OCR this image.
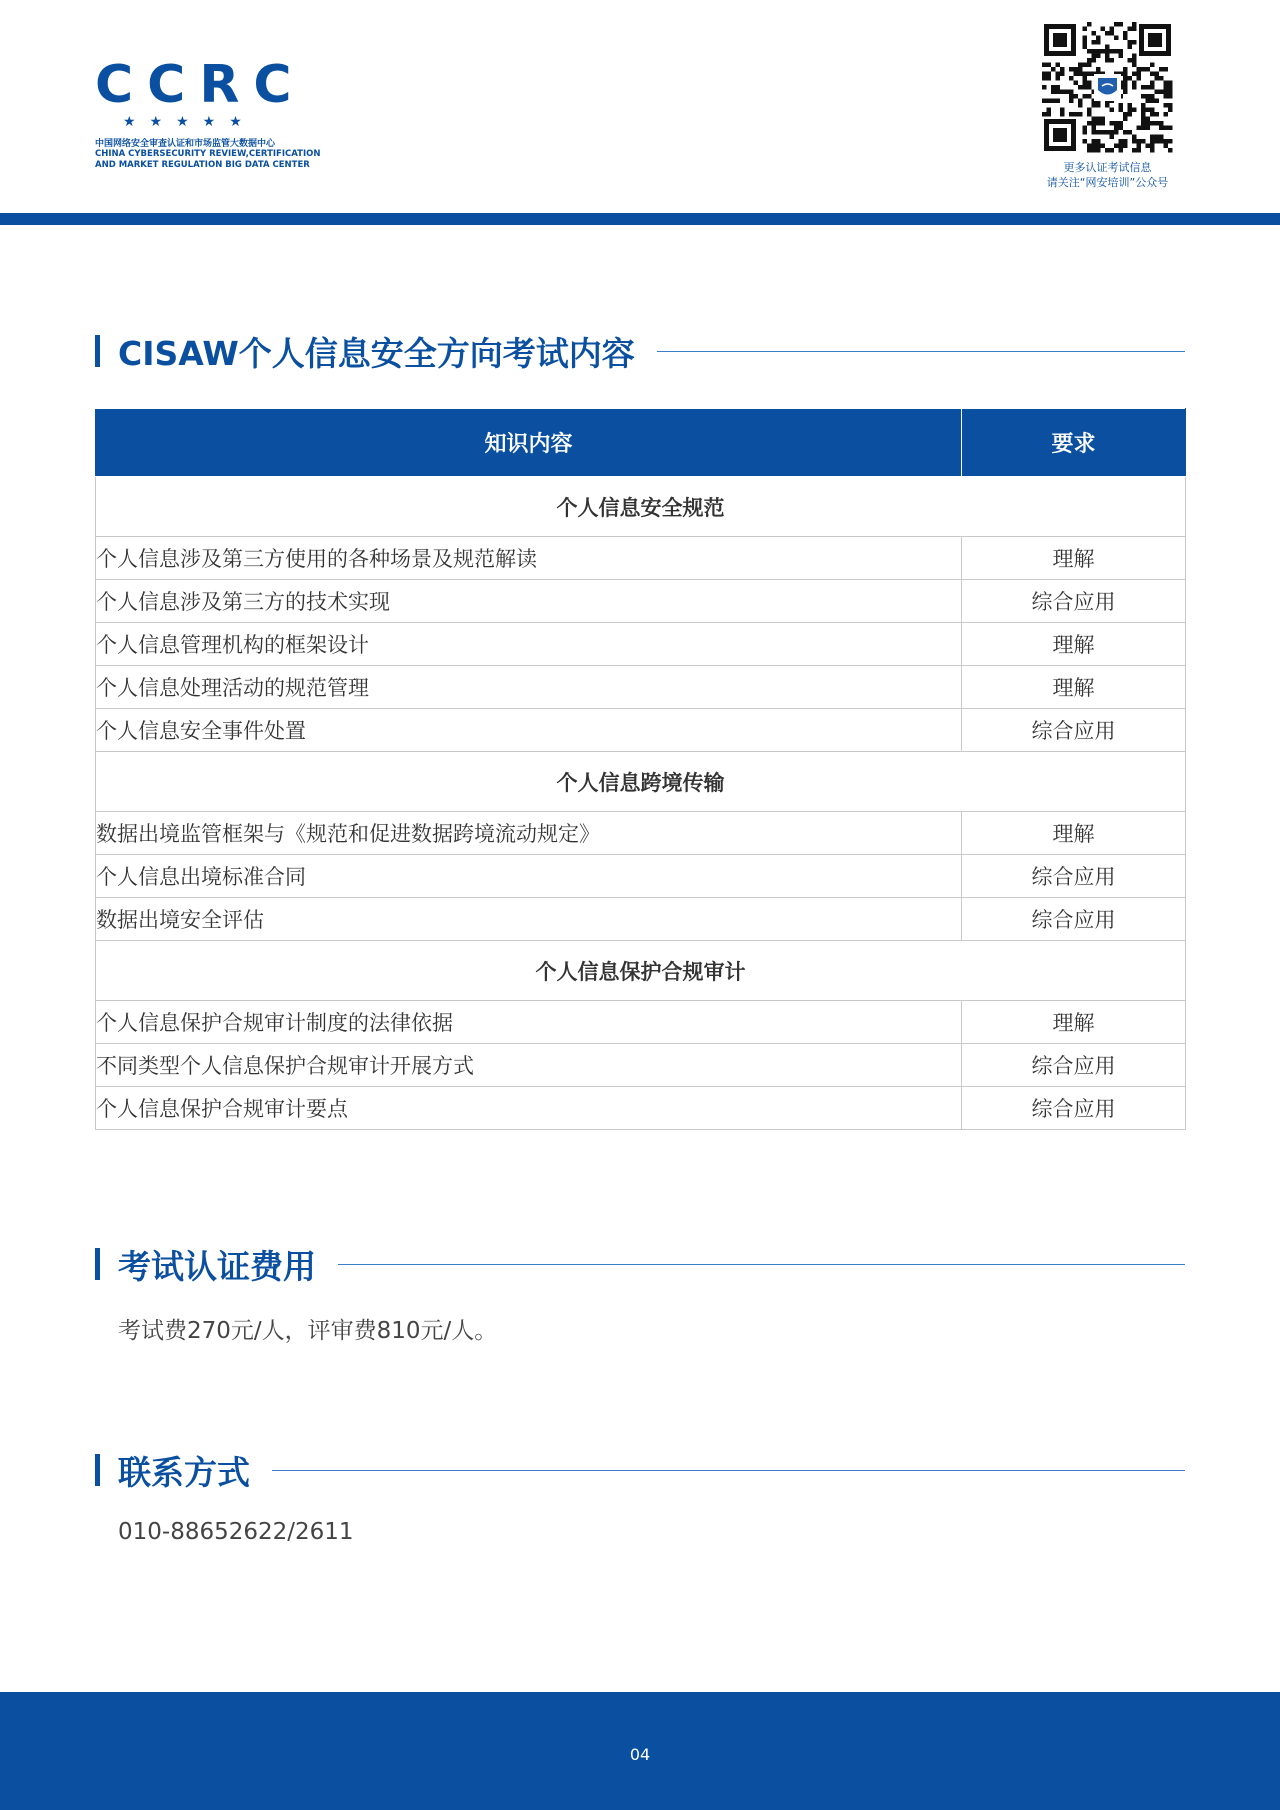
CCRC
★★★★★
中国网络安全审查认证和市场监管大数据中心
CHINA CYBERSECURITY REVIEW,CERTIFICATION
AND MARKET REGULATION BIG DATA CENTER	更多认证考试信息
请关注“网安培训”公众号
CISAW个人信息安全方向考试内容
知识内容	要求
个人信息安全规范	
个人信息涉及第三方使用的各种场景及规范解读	理解
个人信息涉及第三方的技术实现	综合应用
个人信息管理机构的框架设计	理解
个人信息处理活动的规范管理	理解
个人信息安全事件处置	综合应用
个人信息跨境传输	
数据出境监管框架与《规范和促进数据跨境流动规定》	理解
个人信息出境标准合同	综合应用
数据出境安全评估	综合应用
个人信息保护合规审计	
个人信息保护合规审计制度的法律依据	理解
不同类型个人信息保护合规审计开展方式	综合应用
个人信息保护合规审计要点	综合应用
考试认证费用
考试费270元/人，评审费810元/人。
联系方式
010-88652622/2611
04
